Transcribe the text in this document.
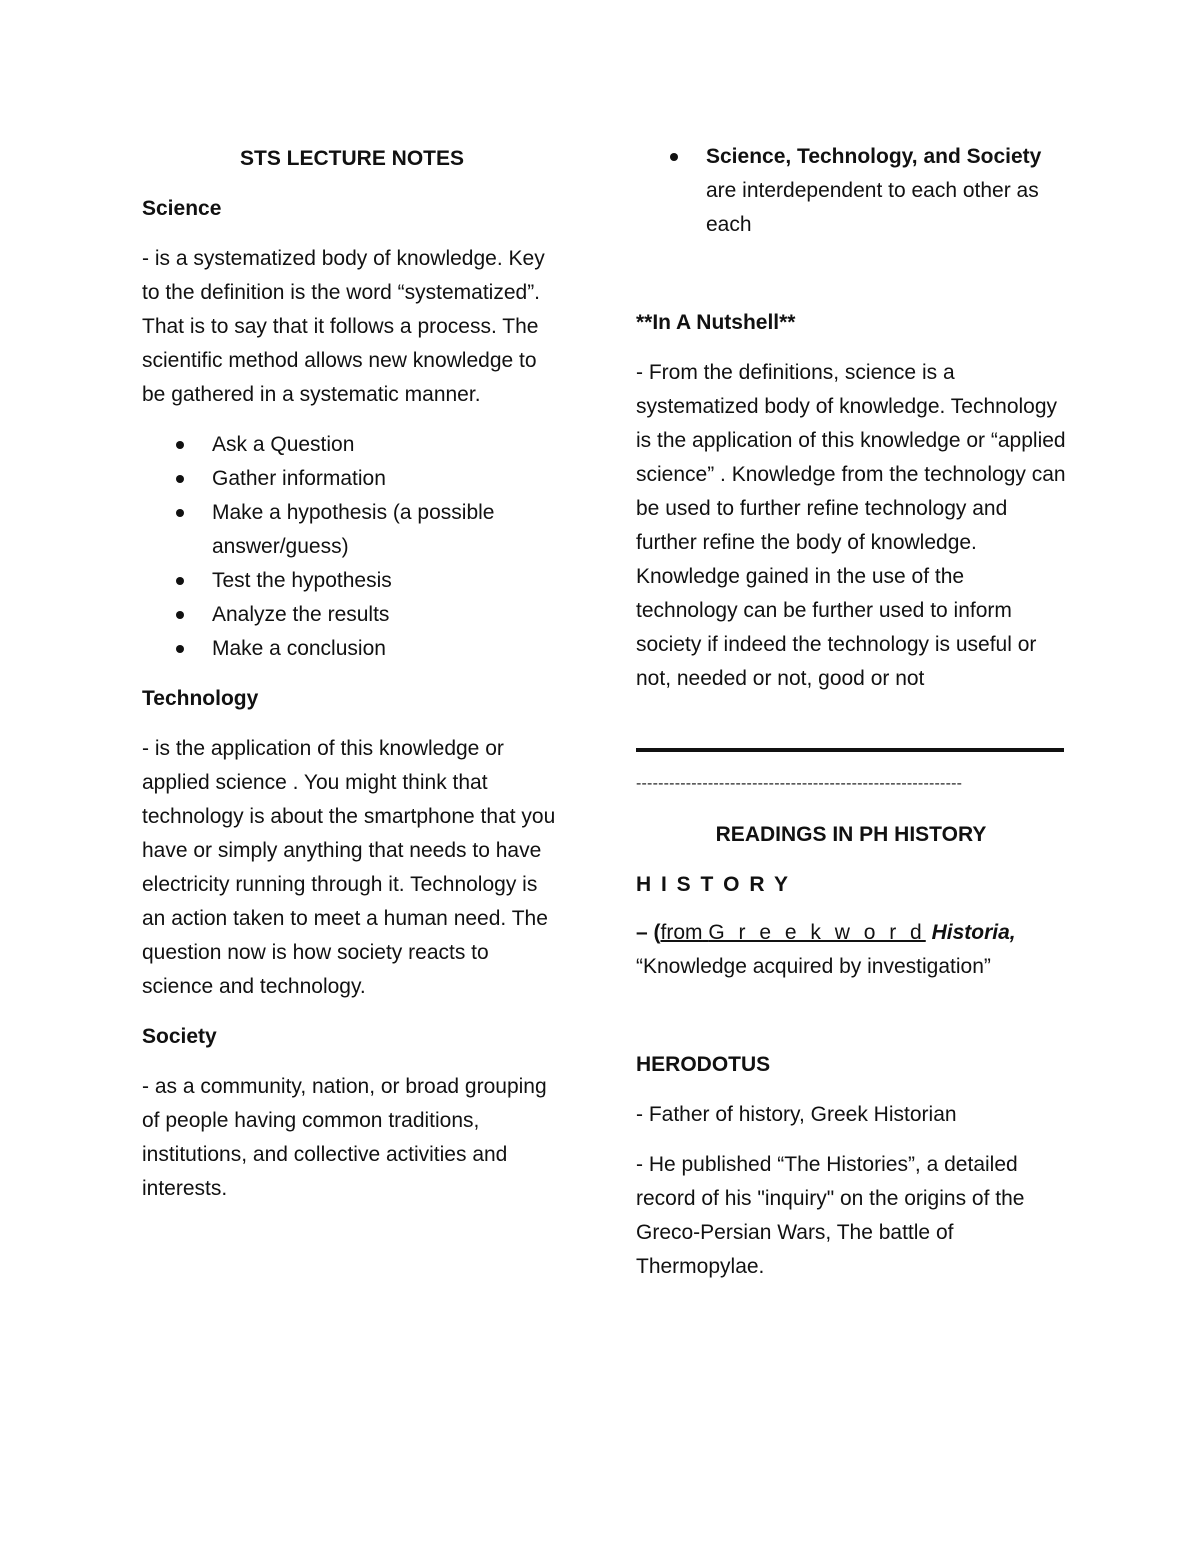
STS LECTURE NOTES

Science

- is a systematized body of knowledge. Key to the definition is the word “systematized”. That is to say that it follows a process. The scientific method allows new knowledge to be gathered in a systematic manner.

Ask a Question
Gather information
Make a hypothesis (a possible answer/guess)
Test the hypothesis
Analyze the results
Make a conclusion

Technology

- is the application of this knowledge or applied science . You might think that technology is about the smartphone that you have or simply anything that needs to have electricity running through it. Technology is an action taken to meet a human need. The question now is how society reacts to science and technology.

Society

- as a community, nation, or broad grouping of people having common traditions, institutions, and collective activities and interests.

Science, Technology, and Society are interdependent to each other as each

**In A Nutshell**

- From the definitions, science is a systematized body of knowledge. Technology is the application of this knowledge or “applied science” . Knowledge from the technology can be used to further refine technology and further refine the body of knowledge. Knowledge gained in the use of the technology can be further used to inform society if indeed the technology is useful or not, needed or not, good or not

-----------------------------------------------------------

READINGS IN PH HISTORY

H I S T O R Y

– (from G r e e k w o r d Historia,

“Knowledge acquired by investigation”

HERODOTUS

- Father of history, Greek Historian

- He published “The Histories”, a detailed record of his "inquiry" on the origins of the Greco-Persian Wars, The battle of Thermopylae.
